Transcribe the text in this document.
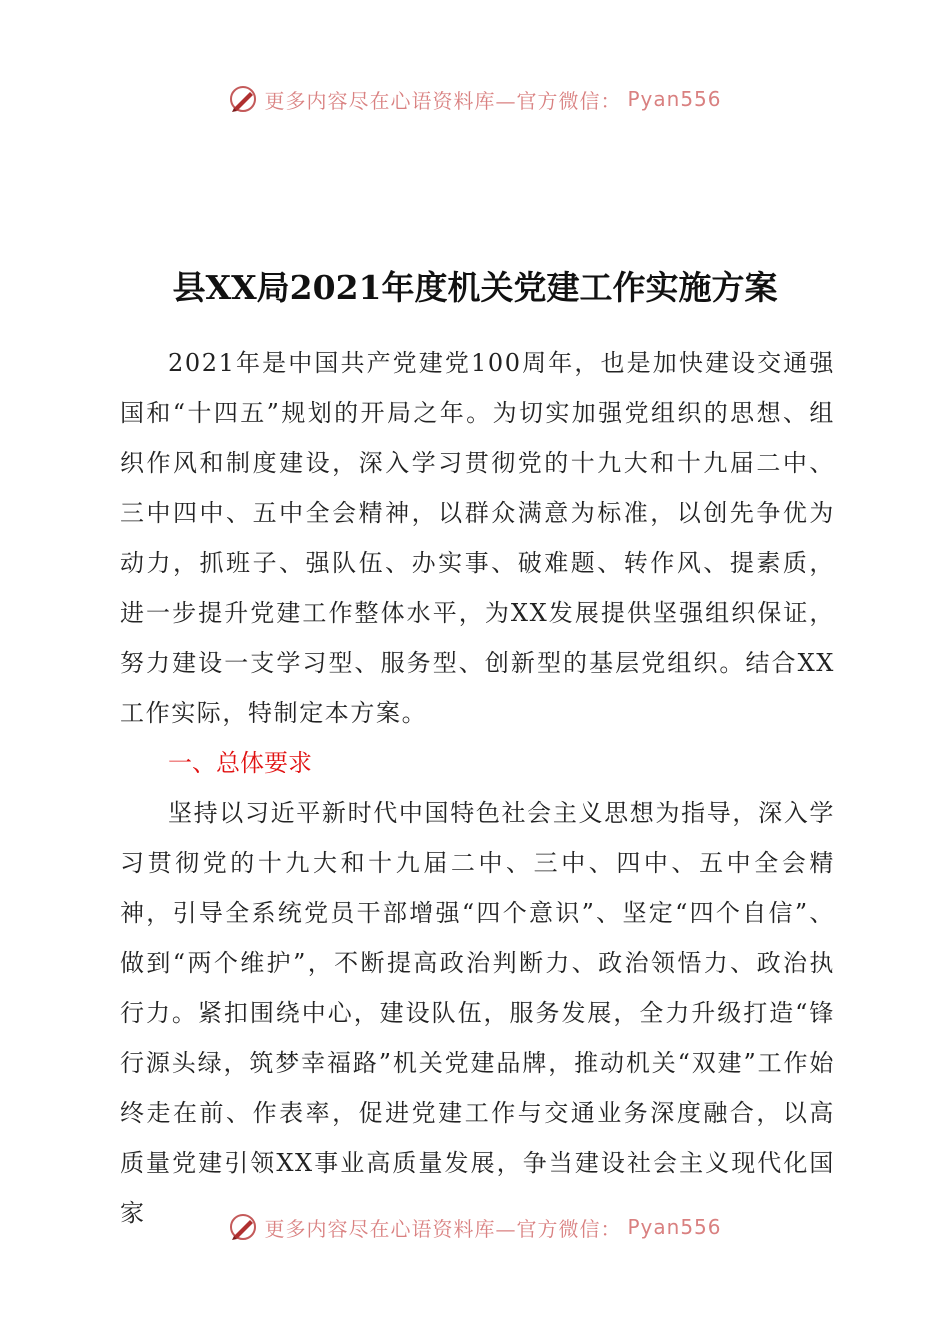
更多内容尽在心语资料库—官方微信： Pyan556
县XX局2021年度机关党建工作实施方案

2021年是中国共产党建党100周年，也是加快建设交通强国和“十四五”规划的开局之年。为切实加强党组织的思想、组织作风和制度建设，深入学习贯彻党的十九大和十九届二中、三中四中、五中全会精神，以群众满意为标准，以创先争优为动力，抓班子、强队伍、办实事、破难题、转作风、提素质，进一步提升党建工作整体水平，为XX发展提供坚强组织保证，努力建设一支学习型、服务型、创新型的基层党组织。结合XX工作实际，特制定本方案。

一、总体要求

坚持以习近平新时代中国特色社会主义思想为指导，深入学习贯彻党的十九大和十九届二中、三中、四中、五中全会精神，引导全系统党员干部增强“四个意识”、坚定“四个自信”、做到“两个维护”，不断提高政治判断力、政治领悟力、政治执行力。紧扣围绕中心，建设队伍，服务发展，全力升级打造“锋行源头绿，筑梦幸福路”机关党建品牌，推动机关“双建”工作始终走在前、作表率，促进党建工作与交通业务深度融合，以高质量党建引领XX事业高质量发展，争当建设社会主义现代化国家

更多内容尽在心语资料库—官方微信： Pyan556
